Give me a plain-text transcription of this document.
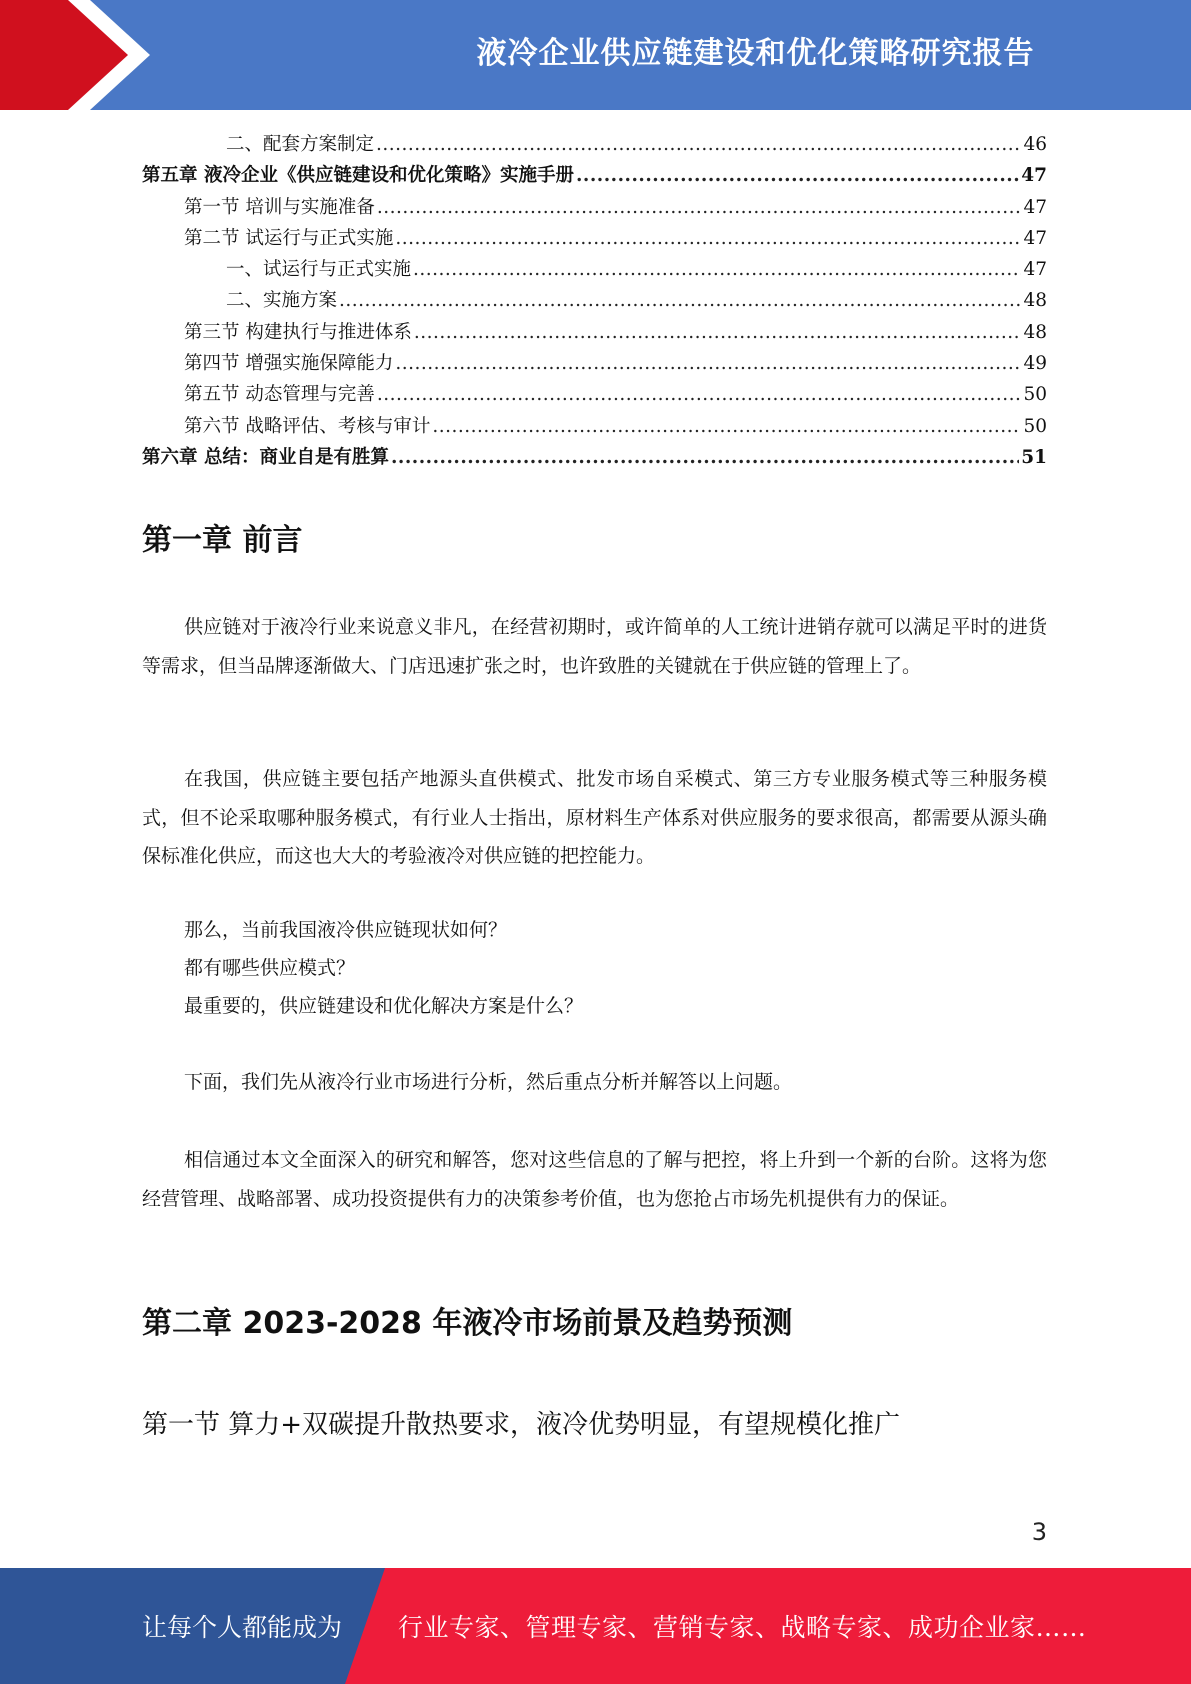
液冷企业供应链建设和优化策略研究报告
二、配套方案制定 .....	46
第五章 液冷企业《供应链建设和优化策略》实施手册 .....	47
第一节 培训与实施准备 .....	47
第二节 试运行与正式实施 .....	47
一、试运行与正式实施 .....	47
二、实施方案 .....	48
第三节 构建执行与推进体系 .....	48
第四节 增强实施保障能力 .....	49
第五节 动态管理与完善 .....	50
第六节 战略评估、考核与审计 .....	50
第六章 总结：商业自是有胜算 .....	51
第一章 前言
供应链对于液冷行业来说意义非凡，在经营初期时，或许简单的人工统计进销存就可以满足平时的进货等需求，但当品牌逐渐做大、门店迅速扩张之时，也许致胜的关键就在于供应链的管理上了。
在我国，供应链主要包括产地源头直供模式、批发市场自采模式、第三方专业服务模式等三种服务模式，但不论采取哪种服务模式，有行业人士指出，原材料生产体系对供应服务的要求很高，都需要从源头确保标准化供应，而这也大大的考验液冷对供应链的把控能力。
那么，当前我国液冷供应链现状如何？
都有哪些供应模式？
最重要的，供应链建设和优化解决方案是什么？
下面，我们先从液冷行业市场进行分析，然后重点分析并解答以上问题。
相信通过本文全面深入的研究和解答，您对这些信息的了解与把控，将上升到一个新的台阶。这将为您经营管理、战略部署、成功投资提供有力的决策参考价值，也为您抢占市场先机提供有力的保证。
第二章 2023-2028 年液冷市场前景及趋势预测
第一节 算力+双碳提升散热要求，液冷优势明显，有望规模化推广
3
让每个人都能成为 行业专家、管理专家、营销专家、战略专家、成功企业家……
